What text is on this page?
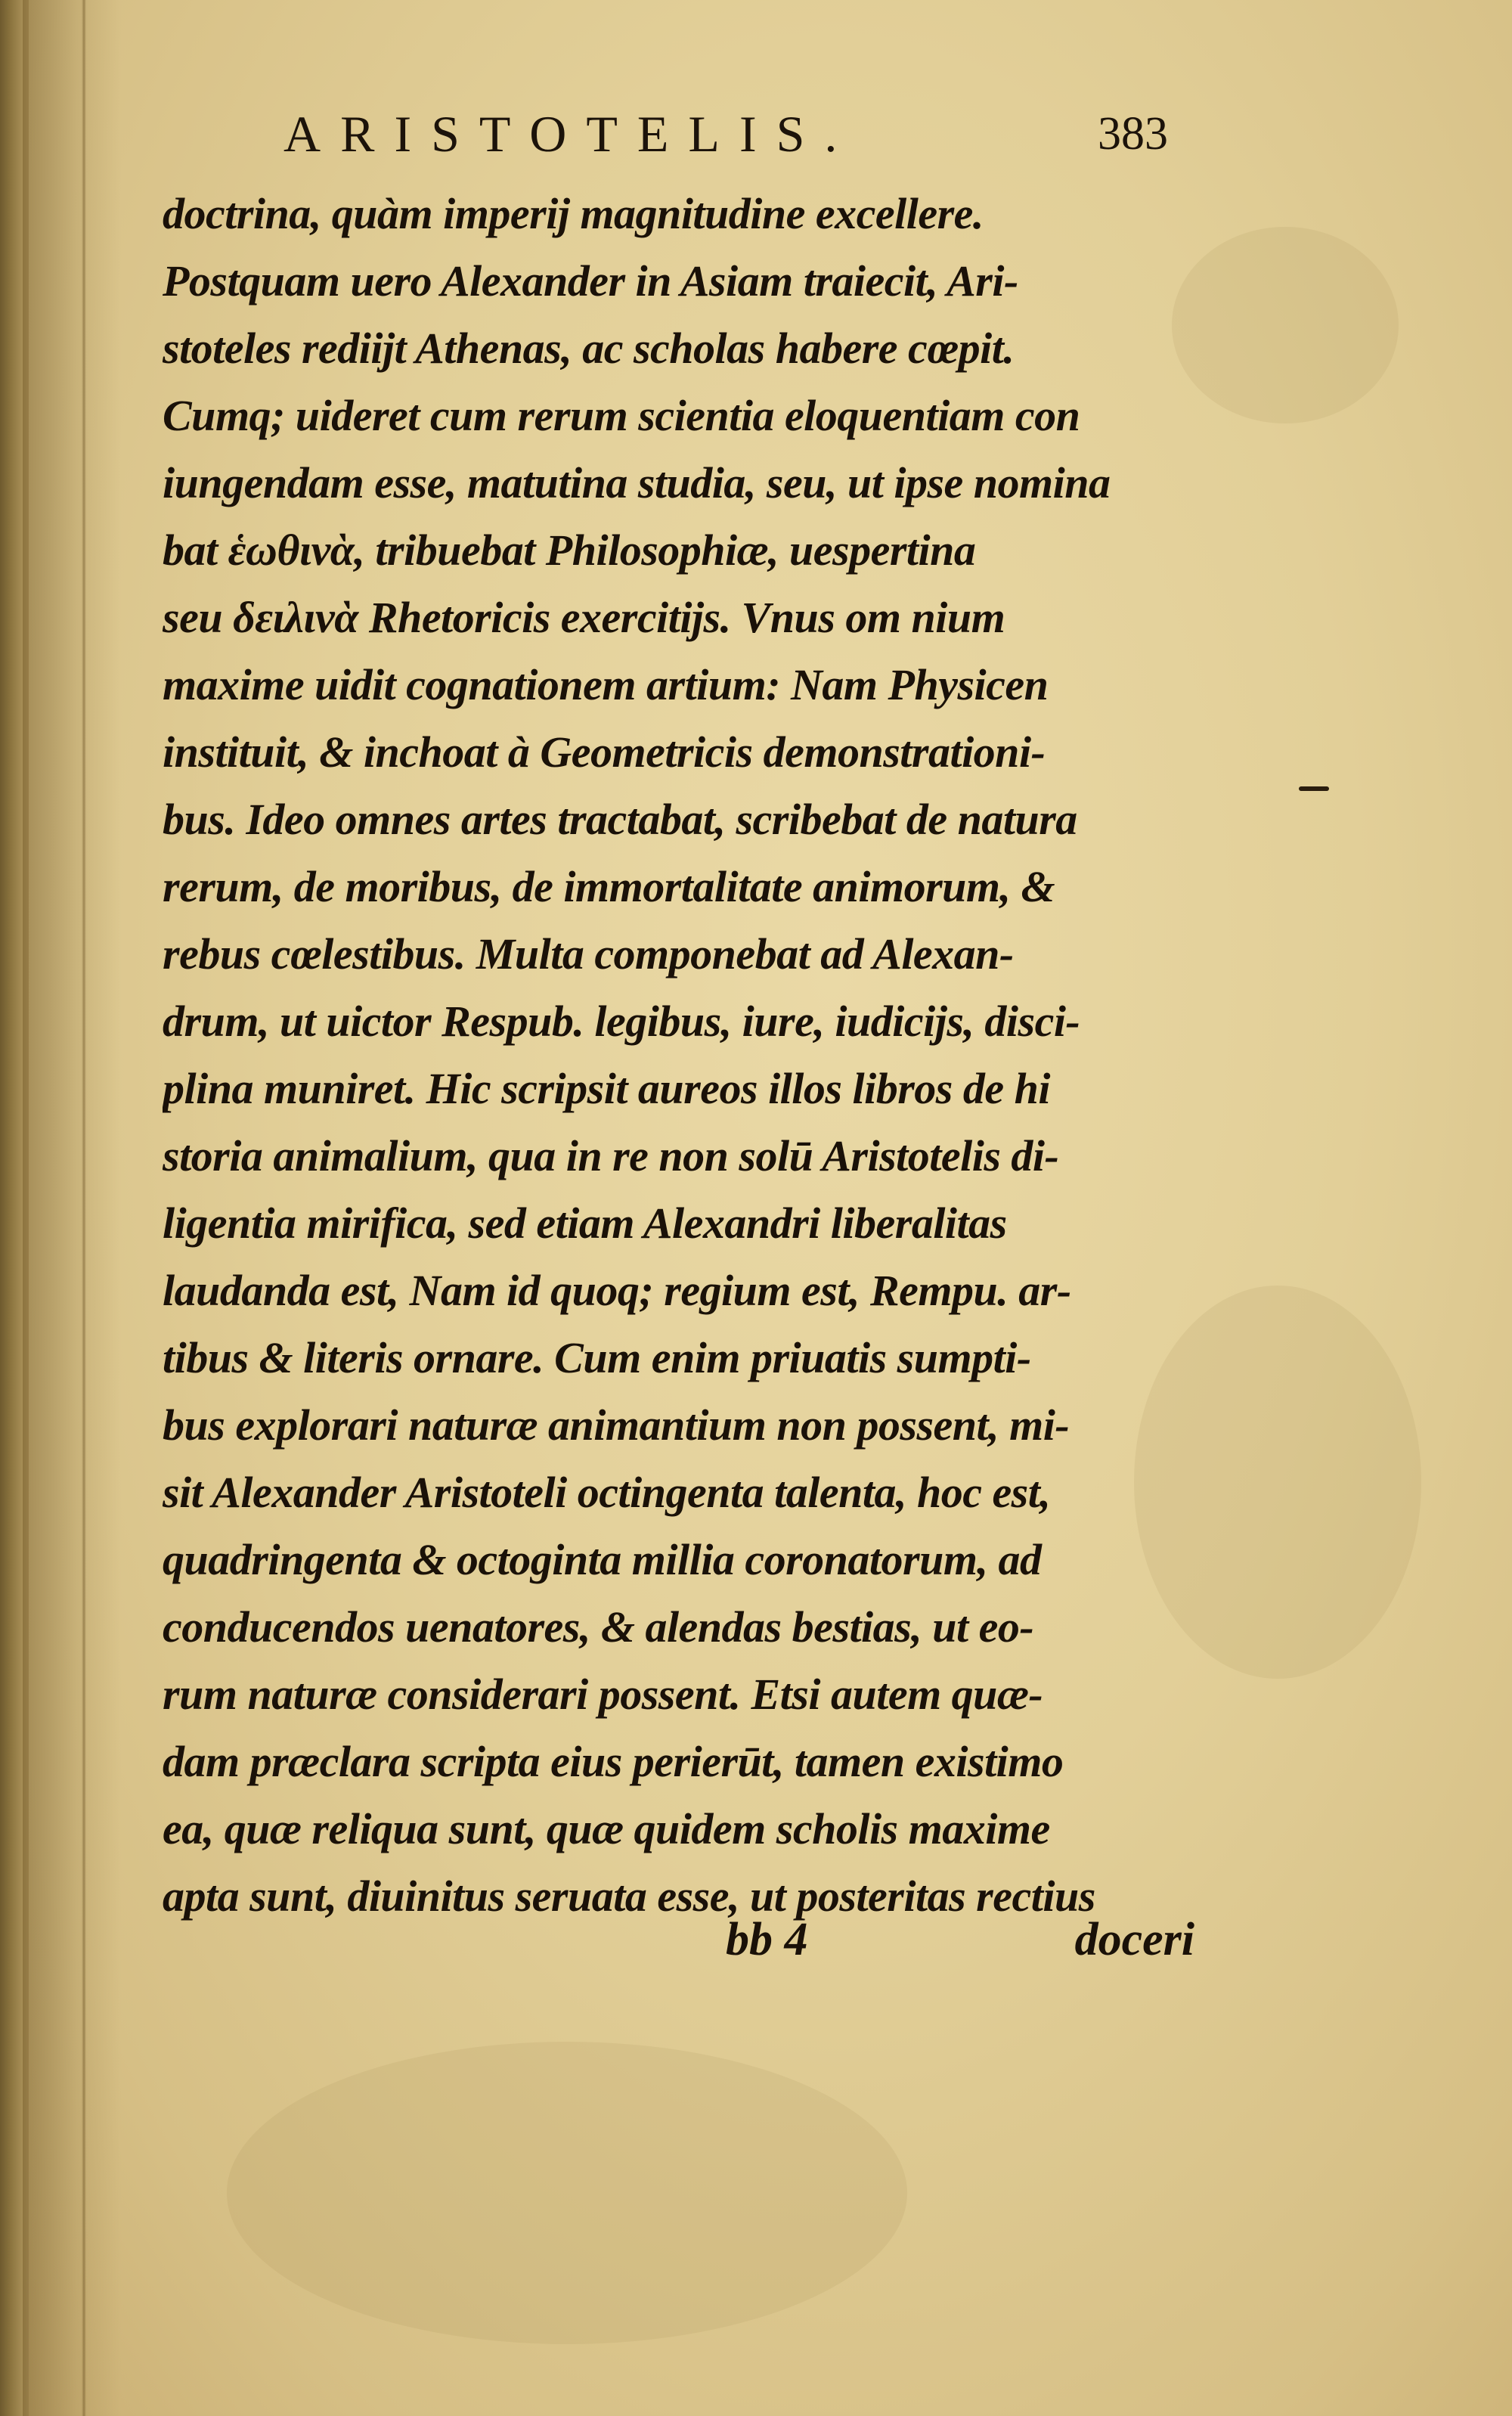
ARISTOTELIS.	383
doctrina, quàm imperij magnitudine excellere.
Postquam uero Alexander in Asiam traiecit, Ari-
stoteles rediijt Athenas, ac scholas habere cœpit.
Cumq; uideret cum rerum scientia eloquentiam con
iungendam esse, matutina studia, seu, ut ipse nomina
bat ἑωθινὰ, tribuebat Philosophiæ, uespertina
seu δειλινὰ Rhetoricis exercitijs. Vnus om nium
maxime uidit cognationem artium: Nam Physicen
instituit, & inchoat à Geometricis demonstrationi-
bus. Ideo omnes artes tractabat, scribebat de natura
rerum, de moribus, de immortalitate animorum, &
rebus cœlestibus. Multa componebat ad Alexan-
drum, ut uictor Respub. legibus, iure, iudicijs, disci-
plina muniret. Hic scripsit aureos illos libros de hi
storia animalium, qua in re non solū Aristotelis di-
ligentia mirifica, sed etiam Alexandri liberalitas
laudanda est, Nam id quoq; regium est, Rempu. ar-
tibus & literis ornare. Cum enim priuatis sumpti-
bus explorari naturæ animantium non possent, mi-
sit Alexander Aristoteli octingenta talenta, hoc est,
quadringenta & octoginta millia coronatorum, ad
conducendos uenatores, & alendas bestias, ut eo-
rum naturæ considerari possent. Etsi autem quæ-
dam præclara scripta eius perierūt, tamen existimo
ea, quæ reliqua sunt, quæ quidem scholis maxime
apta sunt, diuinitus seruata esse, ut posteritas rectius
bb 4	doceri
